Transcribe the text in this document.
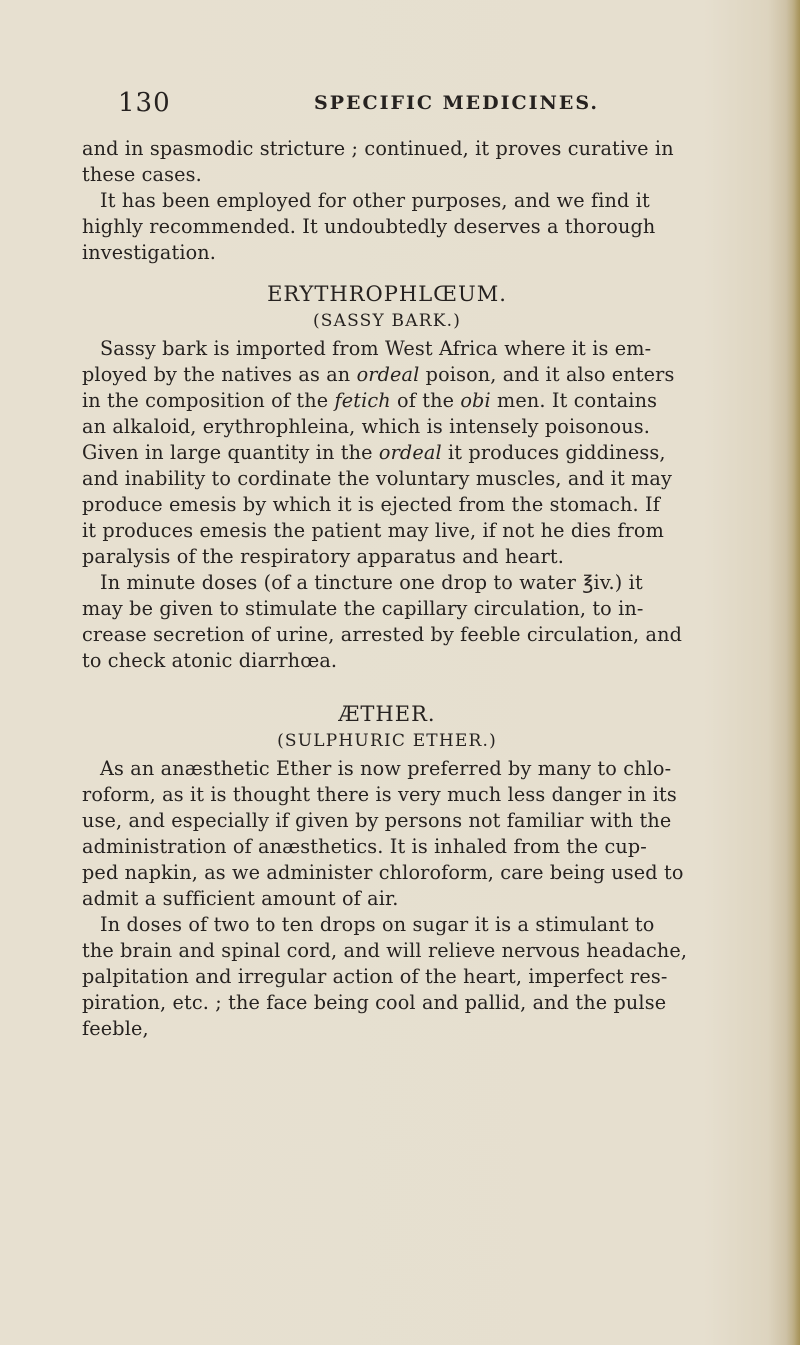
130	SPECIFIC MEDICINES.
and in spasmodic stricture ; continued, it proves curative in
these cases.
It has been employed for other purposes, and we find it
highly recommended. It undoubtedly deserves a thorough
investigation.
ERYTHROPHLŒUM.
(SASSY BARK.)
Sassy bark is imported from West Africa where it is em-
ployed by the natives as an ordeal poison, and it also enters
in the composition of the fetich of the obi men. It contains
an alkaloid, erythrophleina, which is intensely poisonous.
Given in large quantity in the ordeal it produces giddiness,
and inability to cordinate the voluntary muscles, and it may
produce emesis by which it is ejected from the stomach. If
it produces emesis the patient may live, if not he dies from
paralysis of the respiratory apparatus and heart.
In minute doses (of a tincture one drop to water ℥iv.) it
may be given to stimulate the capillary circulation, to in-
crease secretion of urine, arrested by feeble circulation, and
to check atonic diarrhœa.
ÆTHER.
(SULPHURIC ETHER.)
As an anæsthetic Ether is now preferred by many to chlo-
roform, as it is thought there is very much less danger in its
use, and especially if given by persons not familiar with the
administration of anæsthetics. It is inhaled from the cup-
ped napkin, as we administer chloroform, care being used to
admit a sufficient amount of air.
In doses of two to ten drops on sugar it is a stimulant to
the brain and spinal cord, and will relieve nervous headache,
palpitation and irregular action of the heart, imperfect res-
piration, etc. ; the face being cool and pallid, and the pulse
feeble,
